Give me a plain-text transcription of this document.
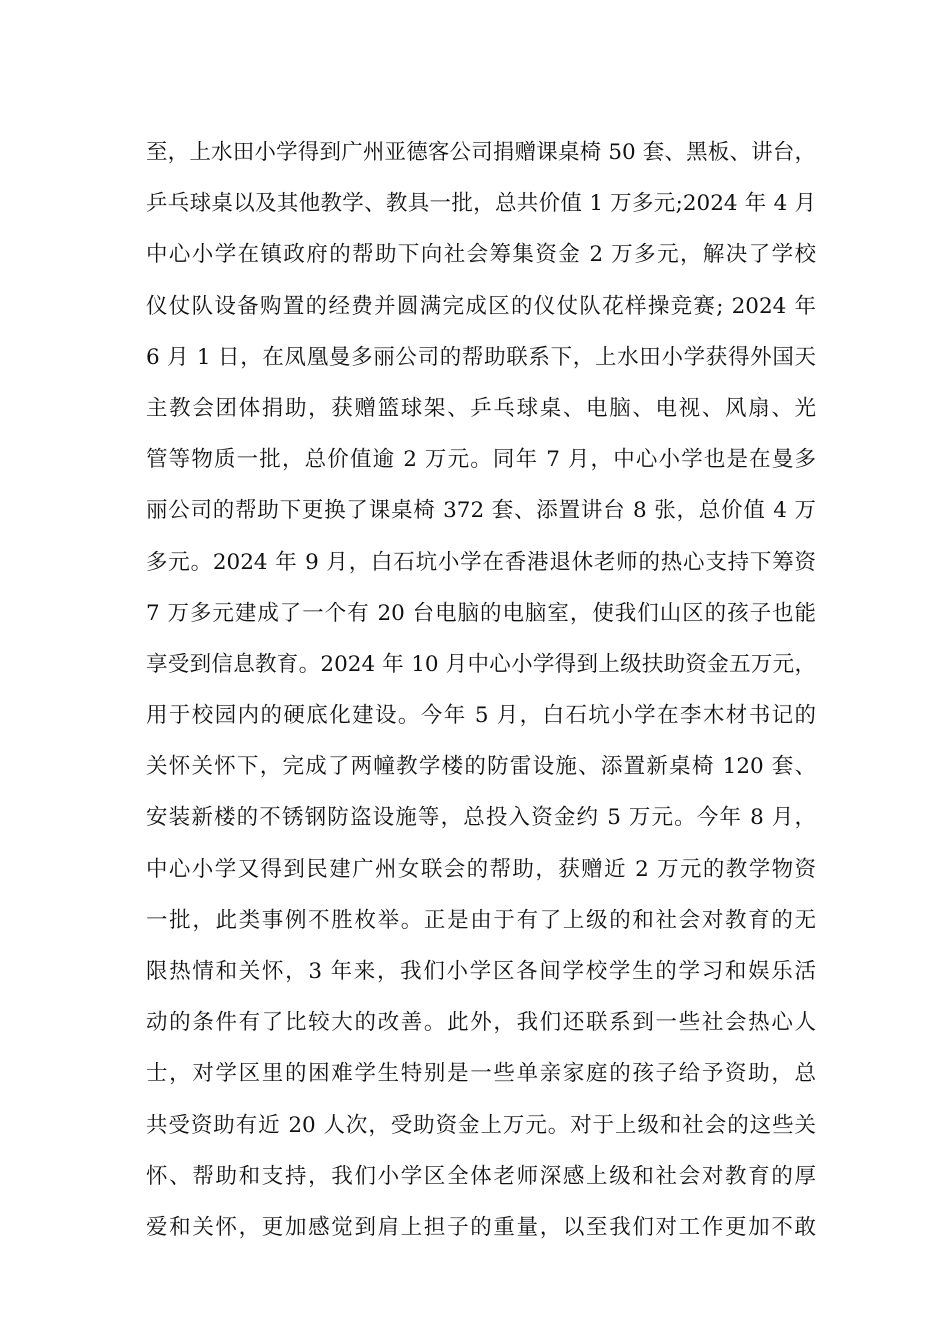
至，上水田小学得到广州亚德客公司捐赠课桌椅 50 套、黑板、讲台，
乒乓球桌以及其他教学、教具一批，总共价值 1 万多元;2024 年 4 月
中心小学在镇政府的帮助下向社会筹集资金 2 万多元，解决了学校
仪仗队设备购置的经费并圆满完成区的仪仗队花样操竞赛; 2024 年
6 月 1 日，在凤凰曼多丽公司的帮助联系下，上水田小学获得外国天
主教会团体捐助，获赠篮球架、乒乓球桌、电脑、电视、风扇、光
管等物质一批，总价值逾 2 万元。同年 7 月，中心小学也是在曼多
丽公司的帮助下更换了课桌椅 372 套、添置讲台 8 张，总价值 4 万
多元。2024 年 9 月，白石坑小学在香港退休老师的热心支持下筹资
7 万多元建成了一个有 20 台电脑的电脑室，使我们山区的孩子也能
享受到信息教育。2024 年 10 月中心小学得到上级扶助资金五万元，
用于校园内的硬底化建设。今年 5 月，白石坑小学在李木材书记的
关怀关怀下，完成了两幢教学楼的防雷设施、添置新桌椅 120 套、
安装新楼的不锈钢防盗设施等，总投入资金约 5 万元。今年 8 月，
中心小学又得到民建广州女联会的帮助，获赠近 2 万元的教学物资
一批，此类事例不胜枚举。正是由于有了上级的和社会对教育的无
限热情和关怀，3 年来，我们小学区各间学校学生的学习和娱乐活
动的条件有了比较大的改善。此外，我们还联系到一些社会热心人
士，对学区里的困难学生特别是一些单亲家庭的孩子给予资助，总
共受资助有近 20 人次，受助资金上万元。对于上级和社会的这些关
怀、帮助和支持，我们小学区全体老师深感上级和社会对教育的厚
爱和关怀，更加感觉到肩上担子的重量，以至我们对工作更加不敢
